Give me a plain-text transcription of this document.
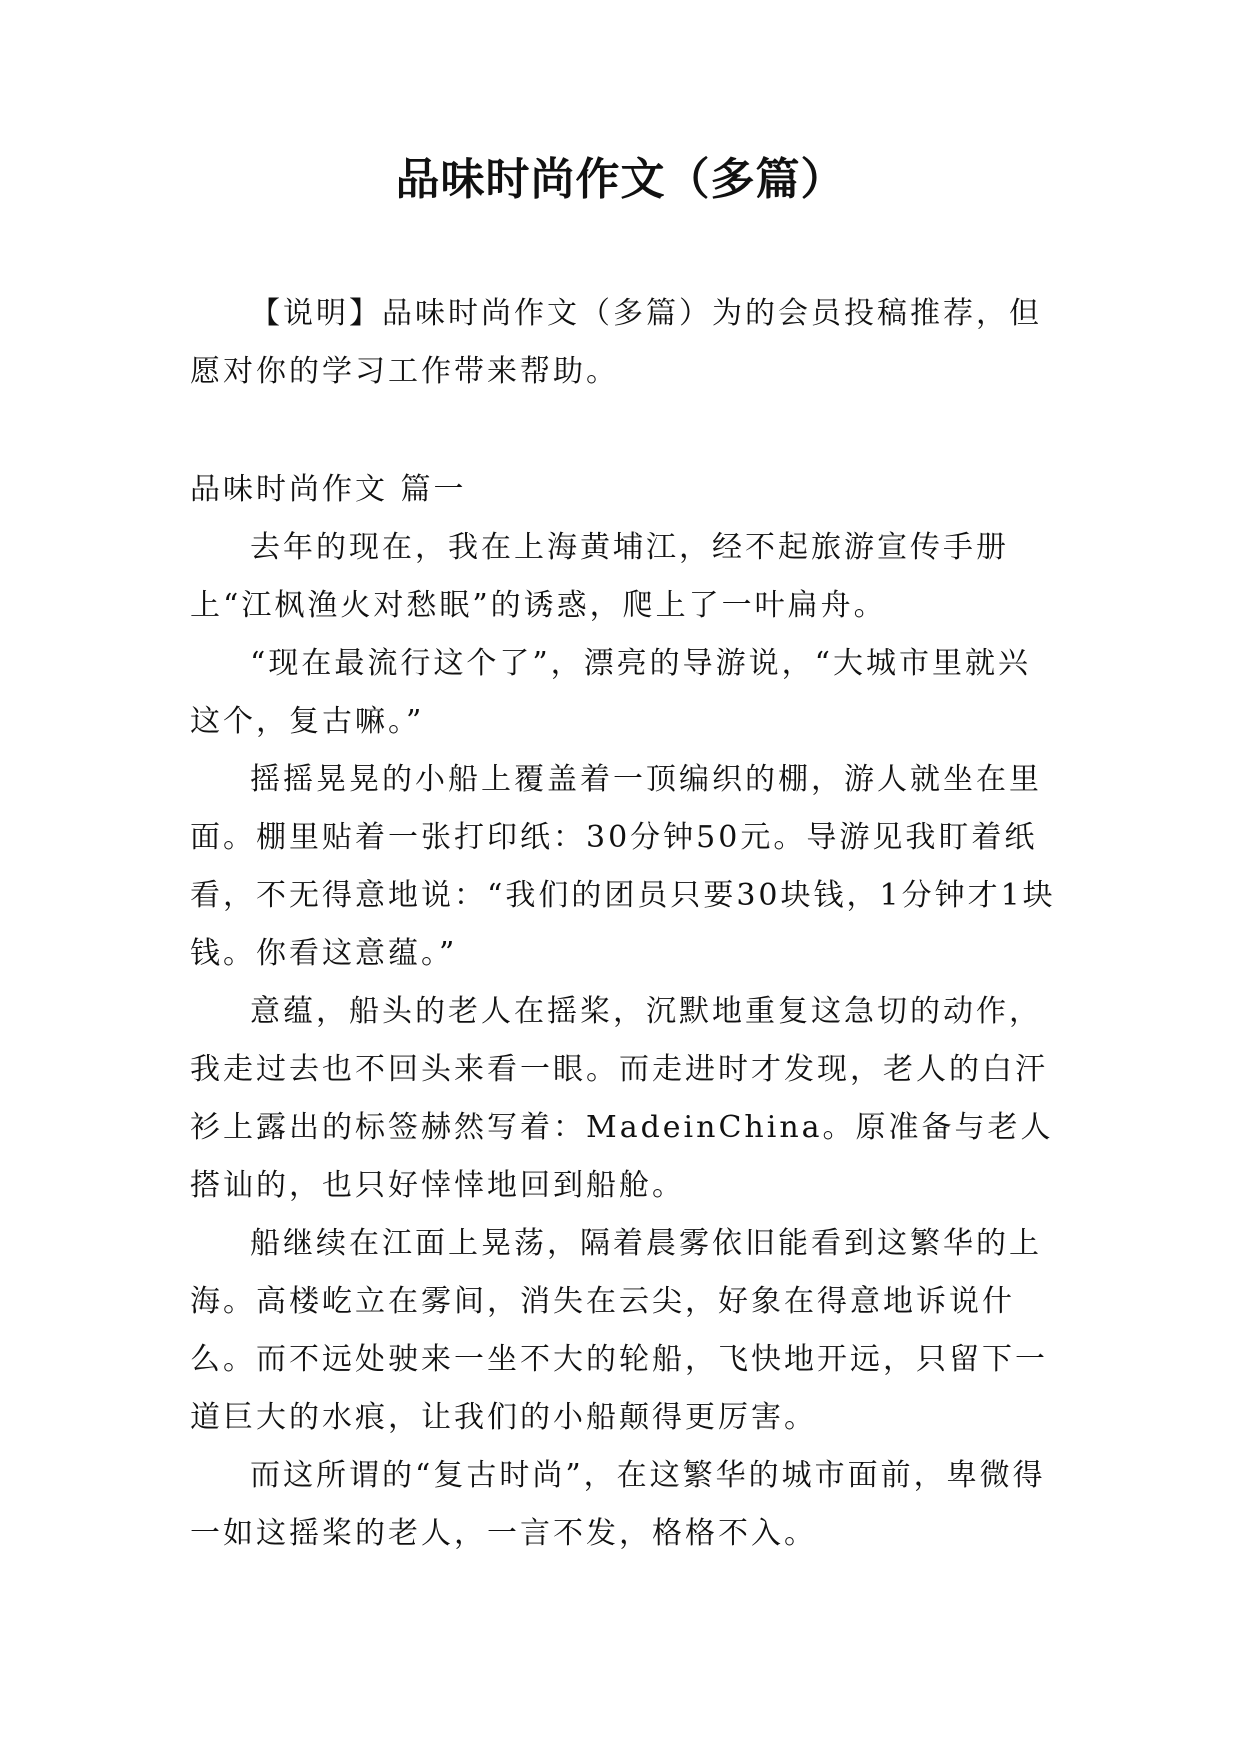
品味时尚作文（多篇）

【说明】品味时尚作文（多篇）为的会员投稿推荐，但愿对你的学习工作带来帮助。

品味时尚作文 篇一

去年的现在，我在上海黄埔江，经不起旅游宣传手册上“江枫渔火对愁眠”的诱惑，爬上了一叶扁舟。

“现在最流行这个了”，漂亮的导游说，“大城市里就兴这个，复古嘛。”

摇摇晃晃的小船上覆盖着一顶编织的棚，游人就坐在里面。棚里贴着一张打印纸：30分钟50元。导游见我盯着纸看，不无得意地说：“我们的团员只要30块钱，1分钟才1块钱。你看这意蕴。”

意蕴，船头的老人在摇桨，沉默地重复这急切的动作，我走过去也不回头来看一眼。而走进时才发现，老人的白汗衫上露出的标签赫然写着：MadeinChina。原准备与老人搭讪的，也只好悻悻地回到船舱。

船继续在江面上晃荡，隔着晨雾依旧能看到这繁华的上海。高楼屹立在雾间，消失在云尖，好象在得意地诉说什么。而不远处驶来一坐不大的轮船，飞快地开远，只留下一道巨大的水痕，让我们的小船颠得更厉害。

而这所谓的“复古时尚”，在这繁华的城市面前，卑微得一如这摇桨的老人，一言不发，格格不入。
